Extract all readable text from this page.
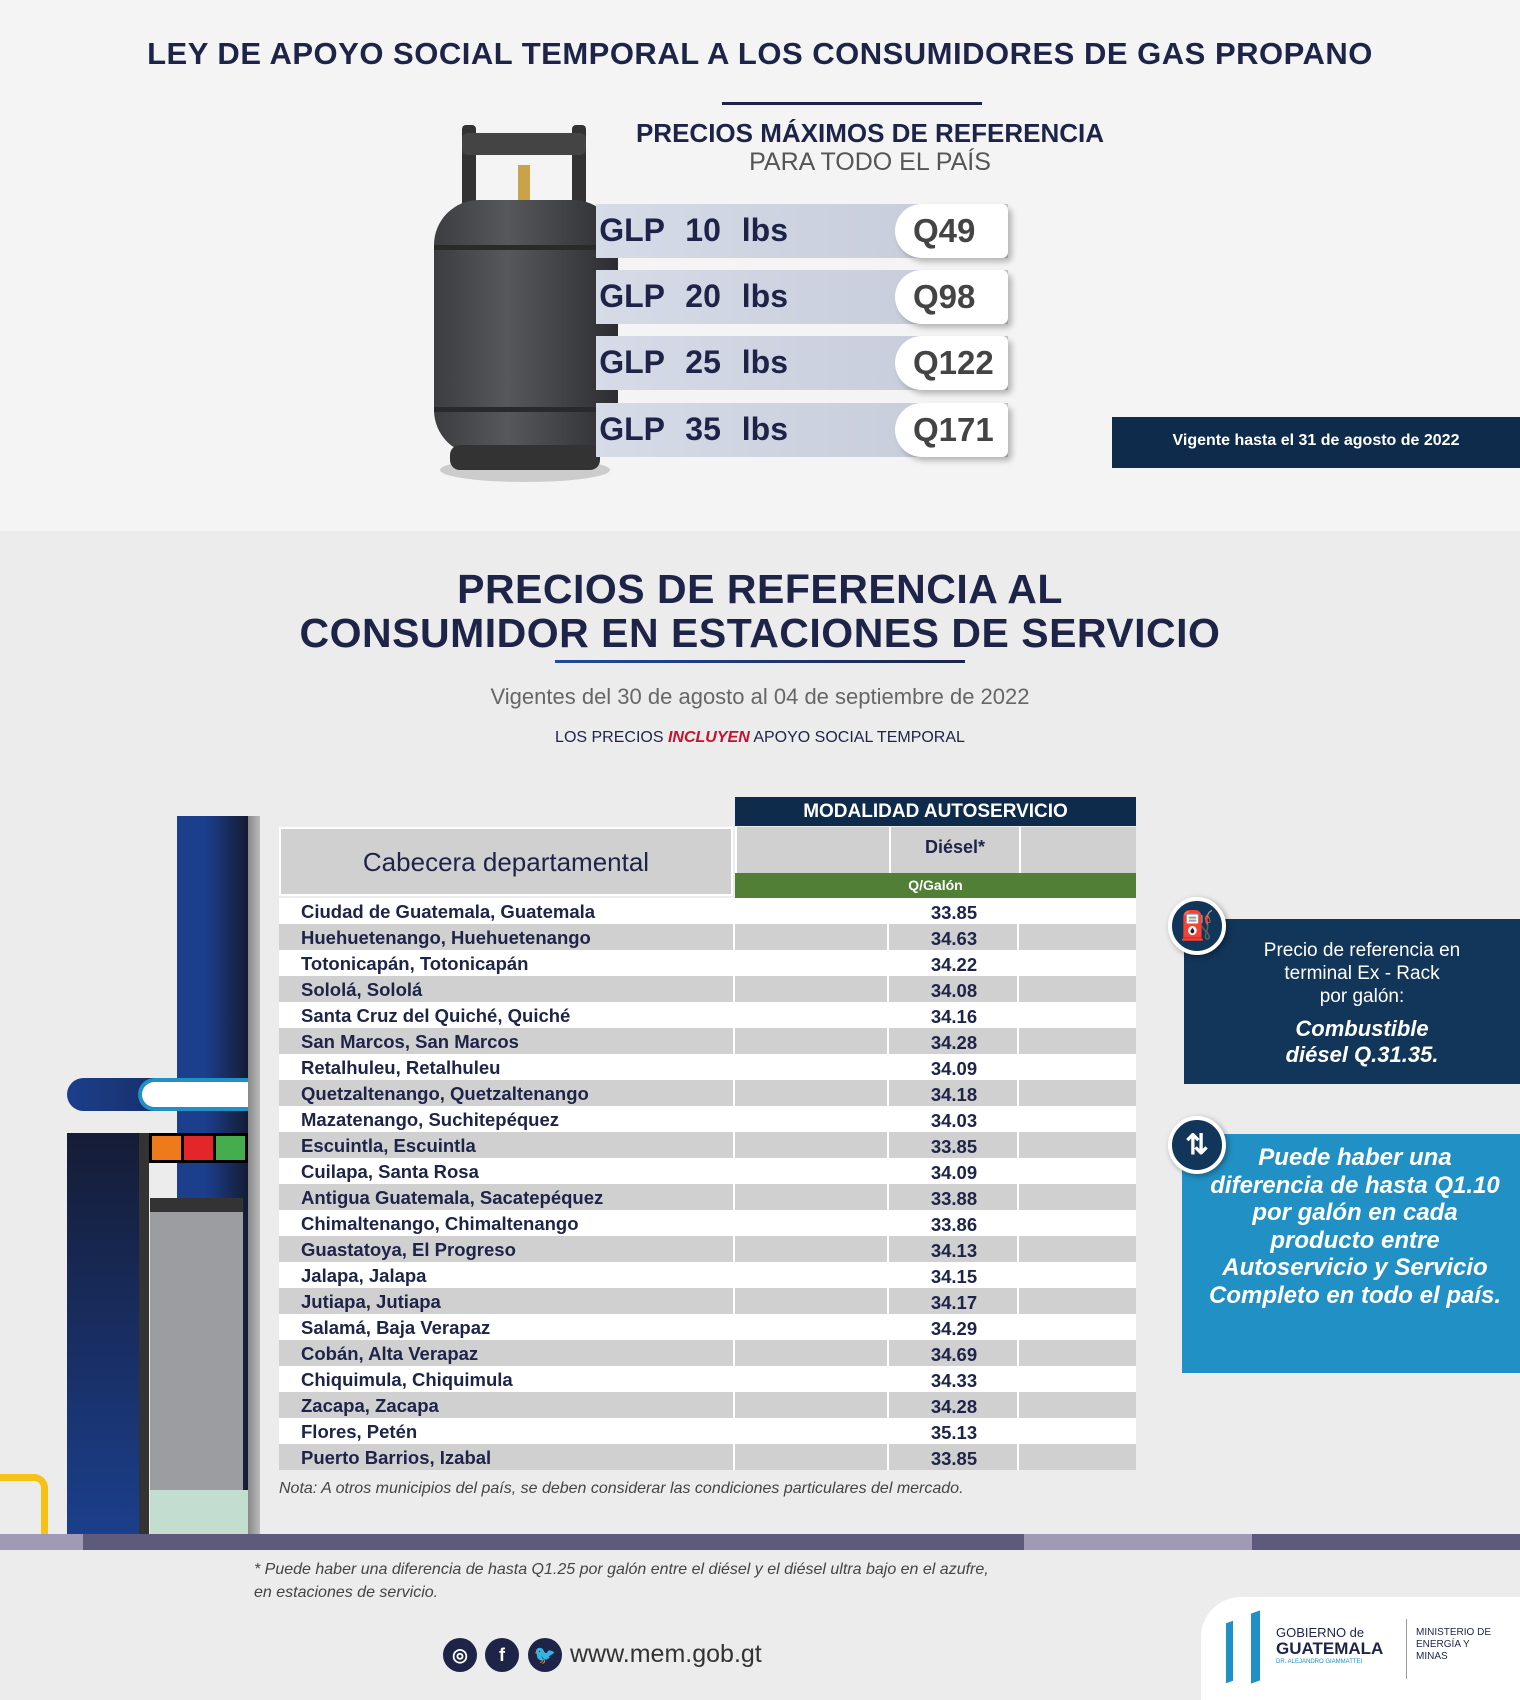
LEY DE APOYO SOCIAL TEMPORAL A LOS CONSUMIDORES DE GAS PROPANO
PRECIOS MÁXIMOS DE REFERENCIA
PARA TODO EL PAÍS
GLP 10 lbs	Q49
GLP 20 lbs	Q98
GLP 25 lbs	Q122
GLP 35 lbs	Q171	Vigente hasta el 31 de agosto de 2022
PRECIOS DE REFERENCIA AL
CONSUMIDOR EN ESTACIONES DE SERVICIO
Vigentes del 30 de agosto al 04 de septiembre de 2022
LOS PRECIOS INCLUYEN APOYO SOCIAL TEMPORAL
MODALIDAD AUTOSERVICIO
Cabecera departamental	Diésel*
Q/Galón
Ciudad de Guatemala, Guatemala	33.85
Huehuetenango, Huehuetenango	34.63
Totonicapán, Totonicapán	34.22
Sololá, Sololá	34.08
Santa Cruz del Quiché, Quiché	34.16
San Marcos, San Marcos	34.28
Retalhuleu, Retalhuleu	34.09
Quetzaltenango, Quetzaltenango	34.18
Mazatenango, Suchitepéquez	34.03
Escuintla, Escuintla	33.85
Cuilapa, Santa Rosa	34.09
Antigua Guatemala, Sacatepéquez	33.88
Chimaltenango, Chimaltenango	33.86
Guastatoya, El Progreso	34.13
Jalapa, Jalapa	34.15
Jutiapa, Jutiapa	34.17
Salamá, Baja Verapaz	34.29
Cobán, Alta Verapaz	34.69
Chiquimula, Chiquimula	34.33
Zacapa, Zacapa	34.28
Flores, Petén	35.13
Puerto Barrios, Izabal	33.85
Nota: A otros municipios del país, se deben considerar las condiciones particulares del mercado.
Precio de referencia en
terminal Ex - Rack
por galón:
Combustible
diésel Q.31.35.
⛽
Puede haber una diferencia de hasta Q1.10 por galón en cada producto entre Autoservicio y Servicio Completo en todo el país.
⇅
* Puede haber una diferencia de hasta Q1.25 por galón entre el diésel y el diésel ultra bajo en el azufre,
en estaciones de servicio.
◎	f	🐦 www.mem.gob.gt
GOBIERNO de
GUATEMALA
DR. ALEJANDRO GIAMMATTEI
MINISTERIO DE ENERGÍA Y MINAS
